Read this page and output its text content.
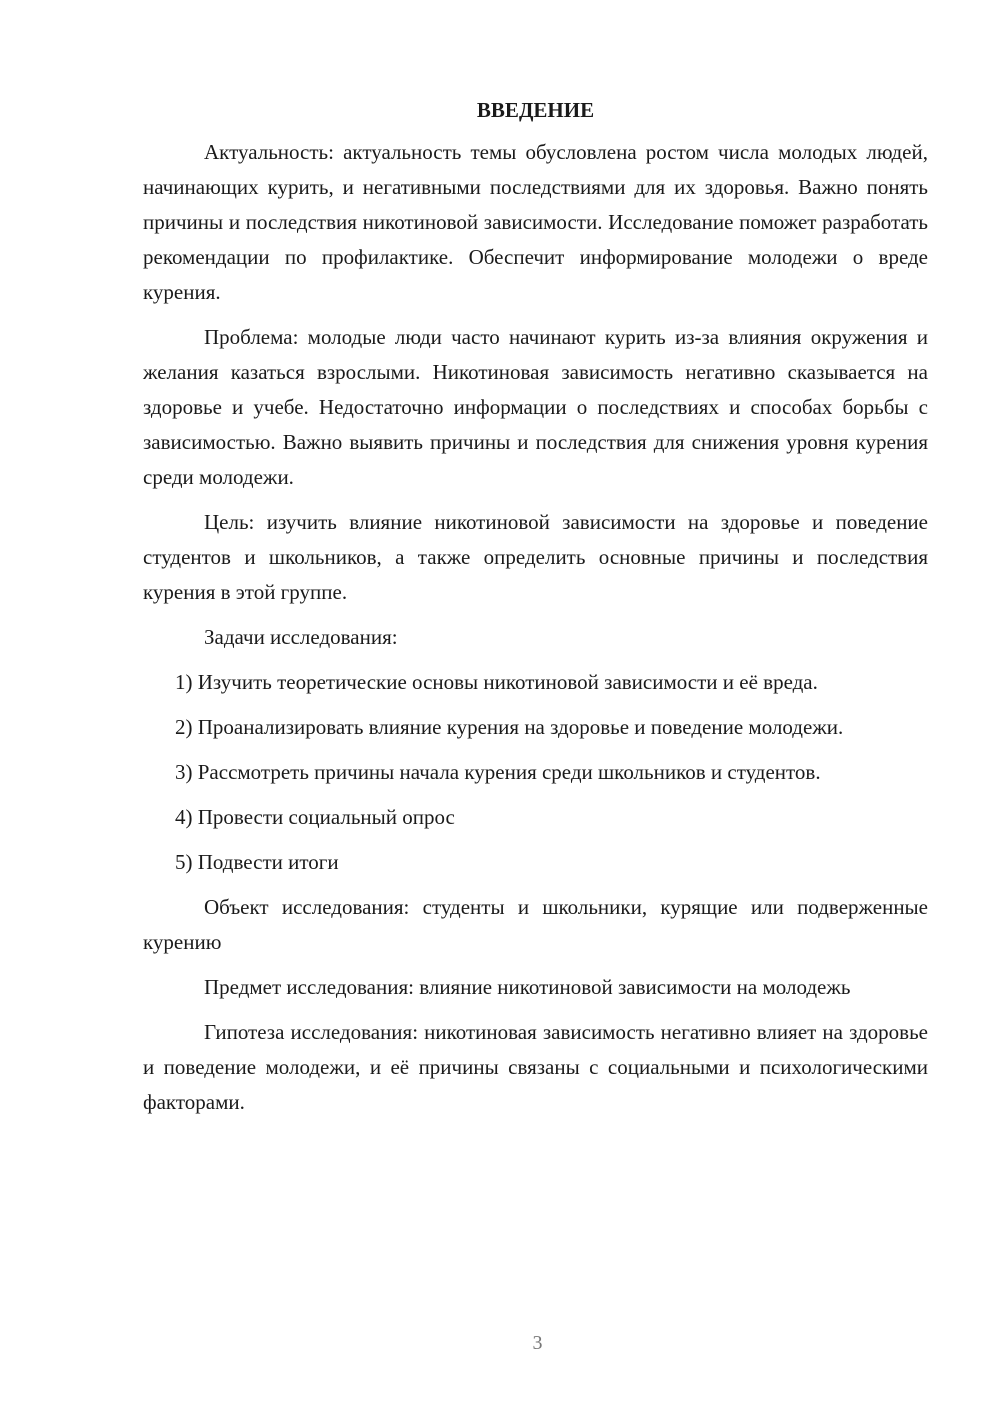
ВВЕДЕНИЕ

Актуальность: актуальность темы обусловлена ростом числа молодых людей, начинающих курить, и негативными последствиями для их здоровья. Важно понять причины и последствия никотиновой зависимости. Исследование поможет разработать рекомендации по профилактике. Обеспечит информирование молодежи о вреде курения.

Проблема: молодые люди часто начинают курить из-за влияния окружения и желания казаться взрослыми. Никотиновая зависимость негативно сказывается на здоровье и учебе. Недостаточно информации о последствиях и способах борьбы с зависимостью. Важно выявить причины и последствия для снижения уровня курения среди молодежи.

Цель: изучить влияние никотиновой зависимости на здоровье и поведение студентов и школьников, а также определить основные причины и последствия курения в этой группе.

Задачи исследования:

1) Изучить теоретические основы никотиновой зависимости и её вреда.

2) Проанализировать влияние курения на здоровье и поведение молодежи.

3) Рассмотреть причины начала курения среди школьников и студентов.

4) Провести социальный опрос

5) Подвести итоги

Объект исследования: студенты и школьники, курящие или подверженные курению

Предмет исследования: влияние никотиновой зависимости на молодежь

Гипотеза исследования: никотиновая зависимость негативно влияет на здоровье и поведение молодежи, и её причины связаны с социальными и психологическими факторами.

3
